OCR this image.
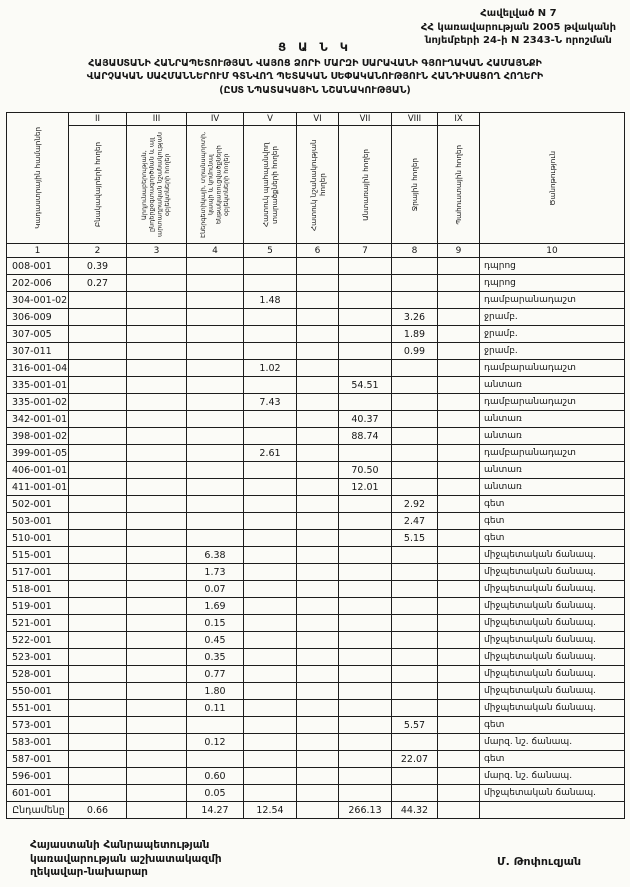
Հավելված N 7
ՀՀ կառավարության 2005 թվականի
նոյեմբերի 24-ի N 2343-Ն որոշման
Ց Ա Ն Կ
ՀԱՅԱՍՏԱՆԻ ՀԱՆՐԱՊԵՏՈՒԹՅԱՆ ՎԱՅՈՑ ՁՈՐԻ ՄԱՐԶԻ ՍԱՐԱՎԱՆԻ ԳՅՈՒՂԱԿԱՆ ՀԱՄԱՅՆՔԻ
ՎԱՐՉԱԿԱՆ ՍԱՀՄԱՆՆԵՐՈՒՄ ԳՏՆՎՈՂ ՊԵՏԱԿԱՆ ՍԵՓԱԿԱՆՈՒԹՅՈՒՆ ՀԱՆԴԻՍԱՑՈՂ ՀՈՂԵՐԻ
(ԸՍՏ ՆՊԱՏԱԿԱՅԻՆ ՆՇԱՆԱԿՈՒԹՅԱՆ)
Կադաստրային համարներ	II	III	IV	V	VI	VII	VIII	IX	Ծանոթություն

	Բնակավայրերի հողեր	Արդյունաբերության, ընդերքօգտագործման և այլ արտադրական նշանակության օբյեկտների հողեր	Էներգետիկայի, տրանսպորտի, կապի և կոմունալ ենթակառուցվածքների օբյեկտների հողեր	Հատուկ պահպանվող տարածքների հողեր	Հատուկ նշանակության հողեր	Անտառային հողեր	Ջրային հողեր	Պահուստային հողեր	

1	2	3	4	5	6	7	8	9	10
008-001	0.39								դպրոց
202-006	0.27								դպրոց
304-001-02				1.48					դամբարանադաշտ
306-009							3.26		ջրամբ.
307-005							1.89		ջրամբ.
307-011							0.99		ջրամբ.
316-001-04				1.02					դամբարանադաշտ
335-001-01						54.51			անտառ
335-001-02				7.43					դամբարանադաշտ
342-001-01						40.37			անտառ
398-001-02						88.74			անտառ
399-001-05				2.61					դամբարանադաշտ
406-001-01						70.50			անտառ
411-001-01						12.01			անտառ
502-001							2.92		գետ
503-001							2.47		գետ
510-001							5.15		գետ
515-001			6.38						միջպետական ճանապ.
517-001			1.73						միջպետական ճանապ.
518-001			0.07						միջպետական ճանապ.
519-001			1.69						միջպետական ճանապ.
521-001			0.15						միջպետական ճանապ.
522-001			0.45						միջպետական ճանապ.
523-001			0.35						միջպետական ճանապ.
528-001			0.77						միջպետական ճանապ.
550-001			1.80						միջպետական ճանապ.
551-001			0.11						միջպետական ճանապ.
573-001							5.57		գետ
583-001			0.12						մարզ. նշ. ճանապ.
587-001							22.07		գետ
596-001			0.60						մարզ. նշ. ճանապ.
601-001			0.05						միջպետական ճանապ.
Ընդամենը	0.66		14.27	12.54		266.13	44.32		
Հայաստանի Հանրապետության
կառավարության աշխատակազմի
ղեկավար-նախարար
Մ. Թոփուզյան
